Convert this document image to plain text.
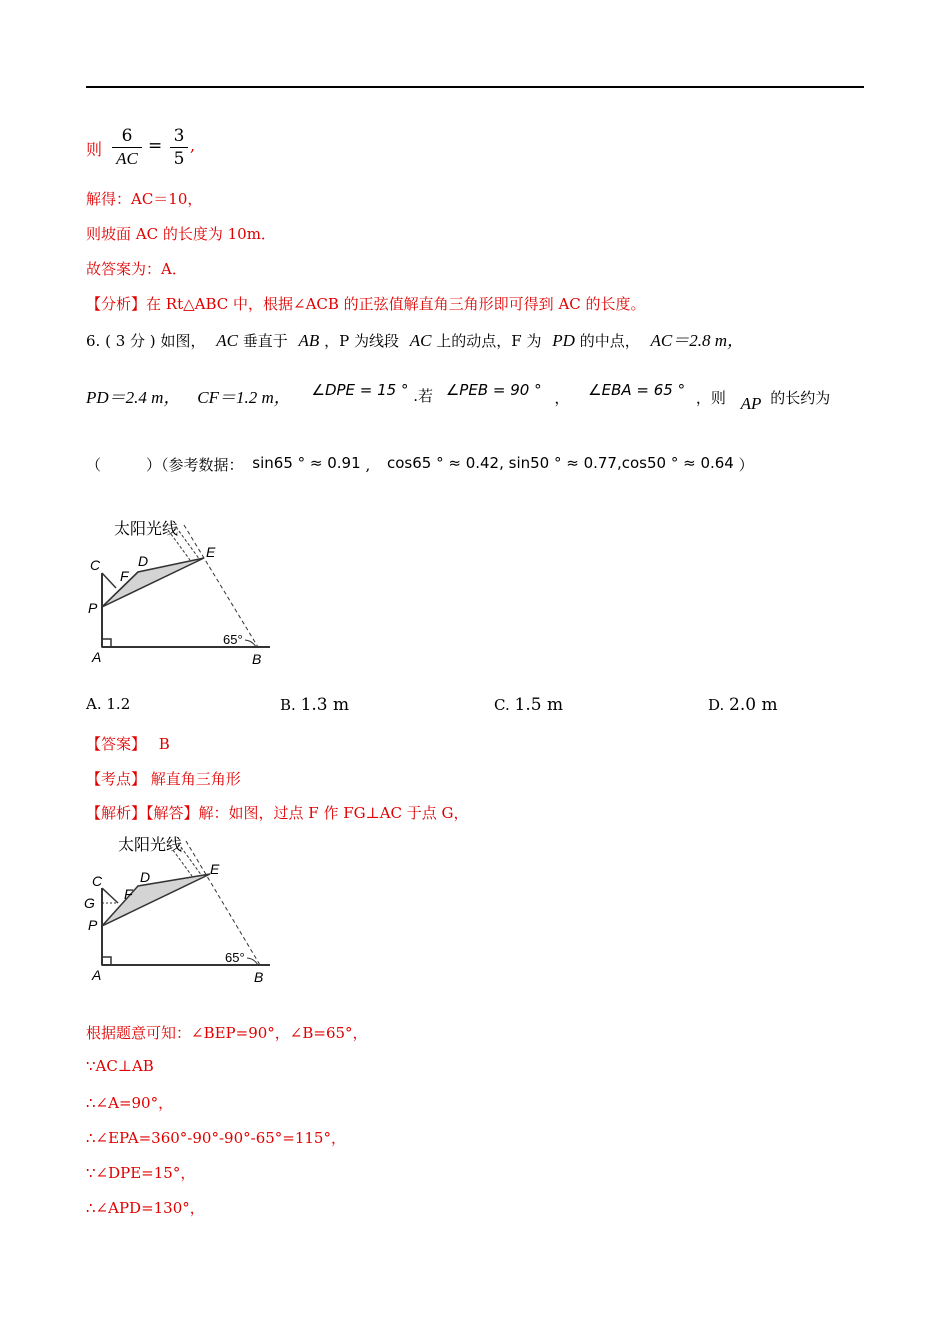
则
6
AC
= 3
5
,
解得：AC＝10，
则坡面 AC 的长度为 10m．
故答案为：A．
【分析】在 Rt△ABC 中，根据∠ACB 的正弦值解直角三角形即可得到 AC 的长度。
6. ( 3 分 ) 如图， AC 垂直于 AB ，P 为线段 AC 上的动点，F 为 PD 的中点， AC＝2.8 m，
PD＝2.4 m， CF＝1.2 m， ∠DPE = 15 ° .若 ∠PEB = 90 ° ， ∠EBA = 65 ° ，则 AP 的长约为
（　　　）（参考数据： sin65 ° ≈ 0.91 , cos65 ° ≈ 0.42, sin50 ° ≈ 0.77,cos50 ° ≈ 0.64 ）
太阳光线
C	D
F
E
P
A	B
65°
A. 1.2	B. 1.3 m	C. 1.5 m	D. 2.0 m
【答案】 B
【考点】 解直角三角形
【解析】【解答】解：如图，过点 F 作 FG⊥AC 于点 G，
太阳光线
C	D
F
E
G
P
A	B
65°
根据题意可知：∠BEP=90°，∠B=65°，
∵AC⊥AB
∴∠A=90°，
∴∠EPA=360°-90°-90°-65°=115°，
∵∠DPE=15°，
∴∠APD=130°，
